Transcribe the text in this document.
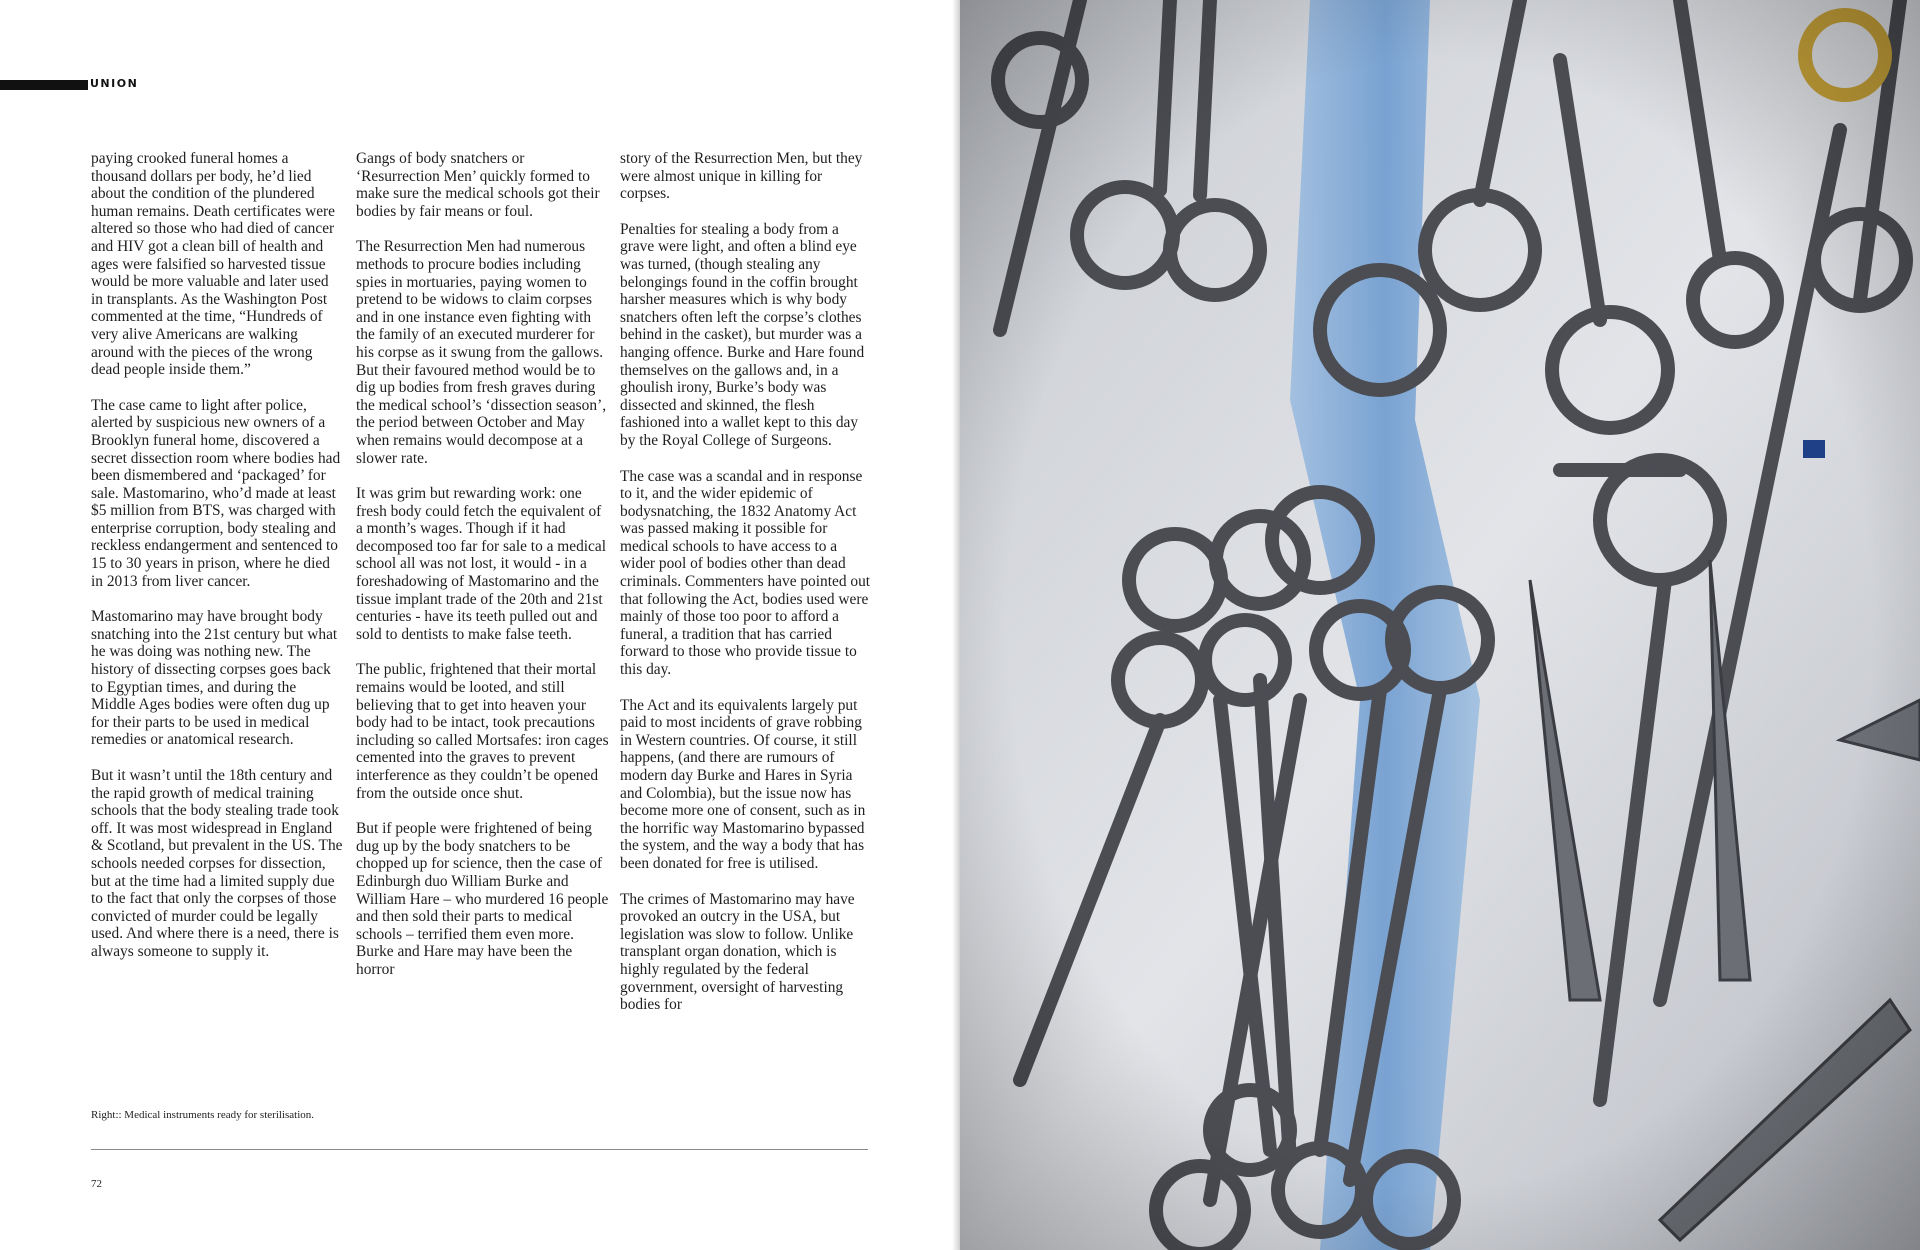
UNION

paying crooked funeral homes a thousand dollars per body, he’d lied about the condition of the plundered human remains. Death certificates were altered so those who had died of cancer and HIV got a clean bill of health and ages were falsified so harvested tissue would be more valuable and later used in transplants. As the Washington Post commented at the time, “Hundreds of very alive Americans are walking around with the pieces of the wrong dead people inside them.”

The case came to light after police, alerted by suspicious new owners of a Brooklyn funeral home, discovered a secret dissection room where bodies had been dismembered and ‘packaged’ for sale. Mastomarino, who’d made at least $5 million from BTS, was charged with enterprise corruption, body stealing and reckless endangerment and sentenced to 15 to 30 years in prison, where he died in 2013 from liver cancer.

Mastomarino may have brought body snatching into the 21st century but what he was doing was nothing new. The history of dissecting corpses goes back to Egyptian times, and during the Middle Ages bodies were often dug up for their parts to be used in medical remedies or anatomical research.

But it wasn’t until the 18th century and the rapid growth of medical training schools that the body stealing trade took off. It was most widespread in England & Scotland, but prevalent in the US. The schools needed corpses for dissection, but at the time had a limited supply due to the fact that only the corpses of those convicted of murder could be legally used. And where there is a need, there is always someone to supply it.

Gangs of body snatchers or ‘Resurrection Men’ quickly formed to make sure the medical schools got their bodies by fair means or foul.

The Resurrection Men had numerous methods to procure bodies including spies in mortuaries, paying women to pretend to be widows to claim corpses and in one instance even fighting with the family of an executed murderer for his corpse as it swung from the gallows. But their favoured method would be to dig up bodies from fresh graves during the medical school’s ‘dissection season’, the period between October and May when remains would decompose at a slower rate.

It was grim but rewarding work: one fresh body could fetch the equivalent of a month’s wages. Though if it had decomposed too far for sale to a medical school all was not lost, it would - in a foreshadowing of Mastomarino and the tissue implant trade of the 20th and 21st centuries - have its teeth pulled out and sold to dentists to make false teeth.

The public, frightened that their mortal remains would be looted, and still believing that to get into heaven your body had to be intact, took precautions including so called Mortsafes: iron cages cemented into the graves to prevent interference as they couldn’t be opened from the outside once shut.

But if people were frightened of being dug up by the body snatchers to be chopped up for science, then the case of Edinburgh duo William Burke and William Hare – who murdered 16 people and then sold their parts to medical schools – terrified them even more. Burke and Hare may have been the horror

story of the Resurrection Men, but they were almost unique in killing for corpses.

Penalties for stealing a body from a grave were light, and often a blind eye was turned, (though stealing any belongings found in the coffin brought harsher measures which is why body snatchers often left the corpse’s clothes behind in the casket), but murder was a hanging offence. Burke and Hare found themselves on the gallows and, in a ghoulish irony, Burke’s body was dissected and skinned, the flesh fashioned into a wallet kept to this day by the Royal College of Surgeons.

The case was a scandal and in response to it, and the wider epidemic of bodysnatching, the 1832 Anatomy Act was passed making it possible for medical schools to have access to a wider pool of bodies other than dead criminals. Commenters have pointed out that following the Act, bodies used were mainly of those too poor to afford a funeral, a tradition that has carried forward to those who provide tissue to this day.

The Act and its equivalents largely put paid to most incidents of grave robbing in Western countries. Of course, it still happens, (and there are rumours of modern day Burke and Hares in Syria and Colombia), but the issue now has become more one of consent, such as in the horrific way Mastomarino bypassed the system, and the way a body that has been donated for free is utilised.

The crimes of Mastomarino may have provoked an outcry in the USA, but legislation was slow to follow. Unlike transplant organ donation, which is highly regulated by the federal government, oversight of harvesting bodies for

Right:: Medical instruments ready for sterilisation.
72
